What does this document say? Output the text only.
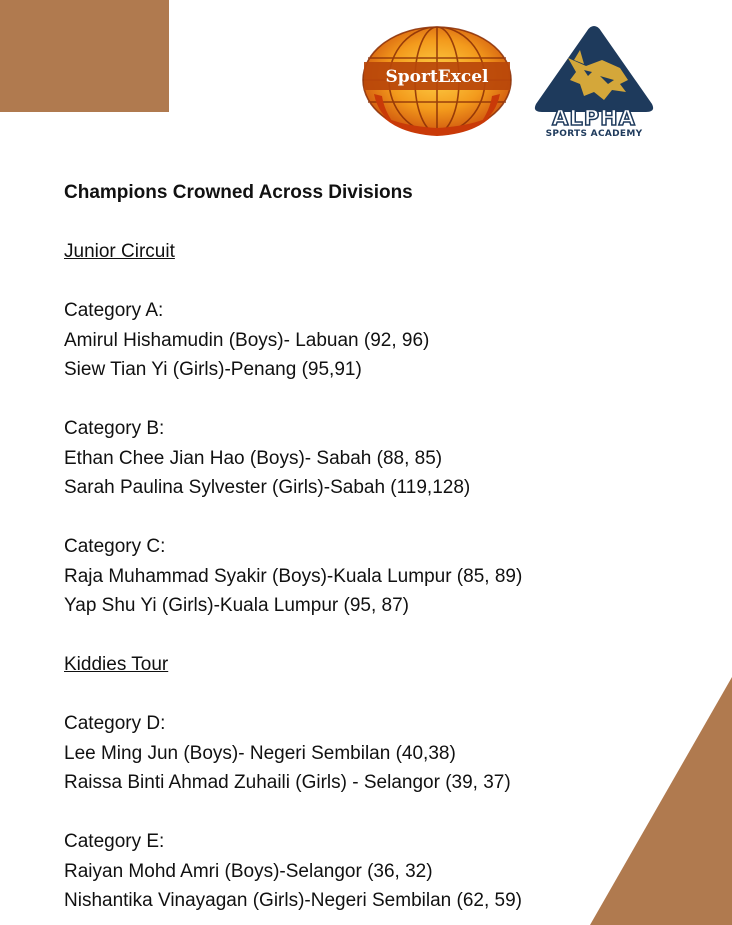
SportExcel
ALPHA
SPORTS ACADEMY

Champions Crowned Across Divisions

Junior Circuit

Category A:

Amirul Hishamudin (Boys)- Labuan (92, 96)

Siew Tian Yi (Girls)-Penang (95,91)

Category B:

Ethan Chee Jian Hao (Boys)- Sabah (88, 85)

Sarah Paulina Sylvester (Girls)-Sabah (119,128)

Category C:

Raja Muhammad Syakir (Boys)-Kuala Lumpur (85, 89)

Yap Shu Yi (Girls)-Kuala Lumpur (95, 87)

Kiddies Tour

Category D:

Lee Ming Jun (Boys)- Negeri Sembilan (40,38)

Raissa Binti Ahmad Zuhaili (Girls) - Selangor (39, 37)

Category E:

Raiyan Mohd Amri (Boys)-Selangor (36, 32)

Nishantika Vinayagan (Girls)-Negeri Sembilan (62, 59)
